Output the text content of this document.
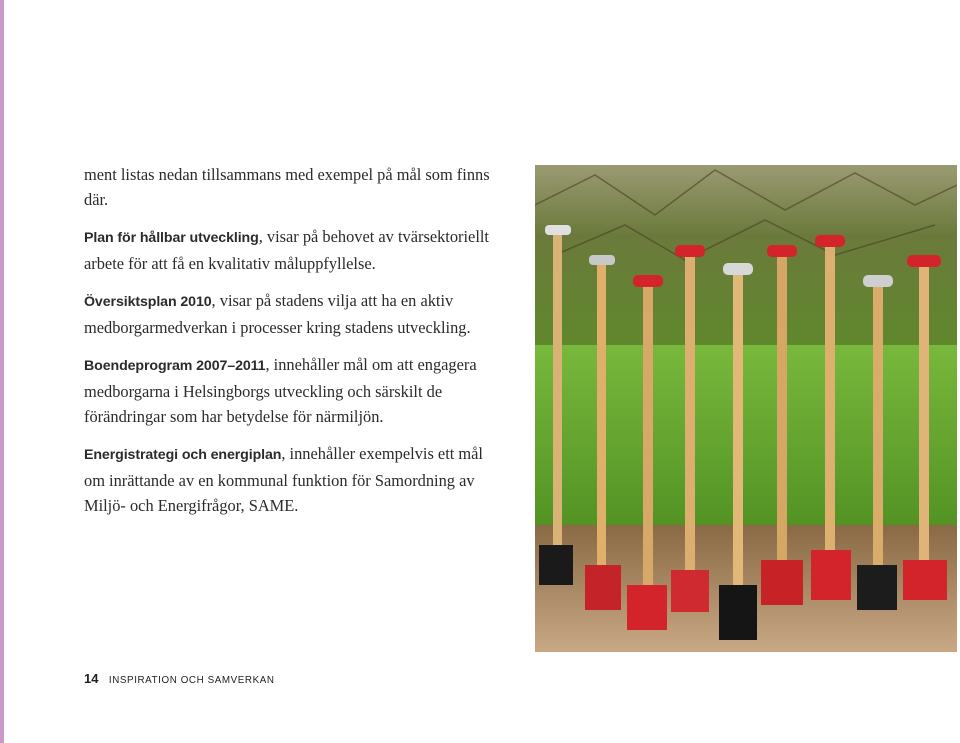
ment listas nedan tillsammans med exempel på mål som finns där.

Plan för hållbar utveckling, visar på behovet av tvärsektoriellt arbete för att få en kvalitativ måluppfyllelse.

Översiktsplan 2010, visar på stadens vilja att ha en aktiv medborgarmedverkan i processer kring stadens utveckling.

Boendeprogram 2007–2011, innehåller mål om att engagera medborgarna i Helsingborgs utveckling och särskilt de förändringar som har betydelse för närmiljön.

Energistrategi och energiplan, innehåller exempelvis ett mål om inrättande av en kommunal funktion för Samordning av Miljö- och Energifrågor, SAME.

14 INSPIRATION OCH SAMVERKAN
